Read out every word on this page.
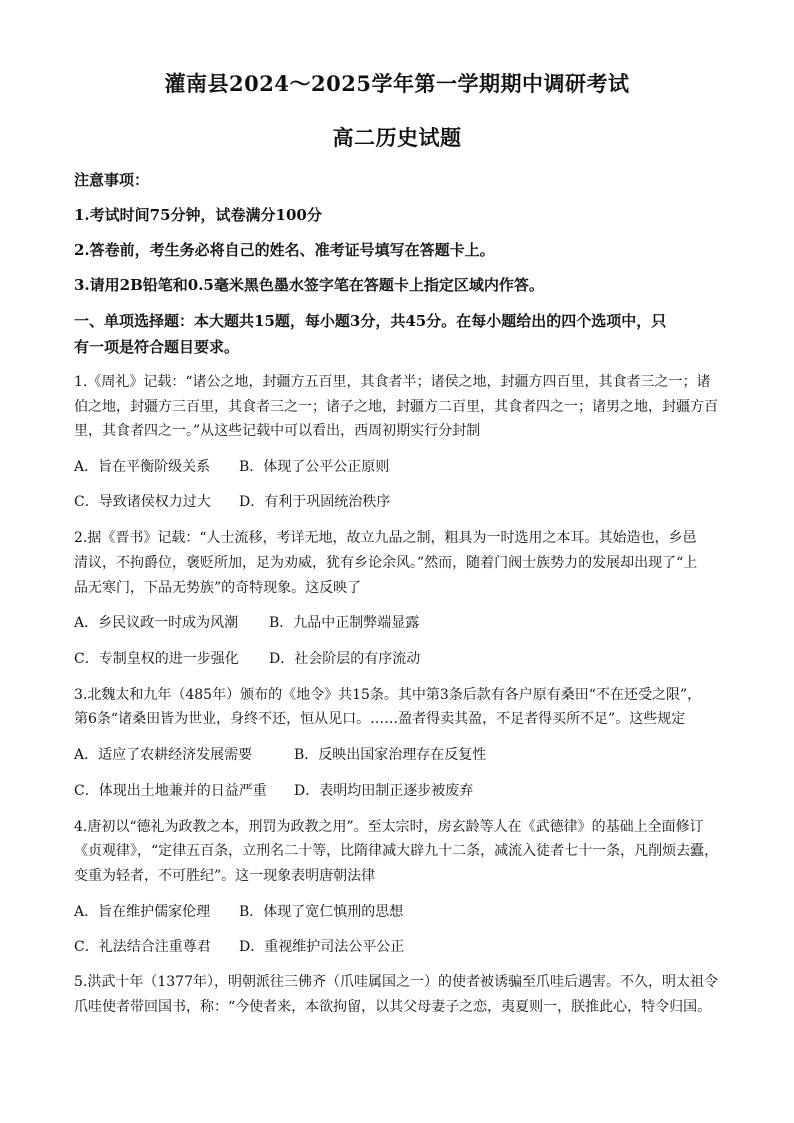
灌南县2024～2025学年第一学期期中调研考试
高二历史试题
注意事项：
1.考试时间75分钟，试卷满分100分
2.答卷前，考生务必将自己的姓名、准考证号填写在答题卡上。
3.请用2B铅笔和0.5毫米黑色墨水签字笔在答题卡上指定区域内作答。
一、单项选择题：本大题共15题，每小题3分，共45分。在每小题给出的四个选项中，只
有一项是符合题目要求。
1.《周礼》记载：“诸公之地，封疆方五百里，其食者半；诸侯之地，封疆方四百里，其食者三之一；诸
伯之地，封疆方三百里，其食者三之一；诸子之地，封疆方二百里，其食者四之一；诸男之地，封疆方百
里，其食者四之一。”从这些记载中可以看出，西周初期实行分封制
A．旨在平衡阶级关系 B．体现了公平公正原则
C．导致诸侯权力过大 D．有利于巩固统治秩序
2.据《晋书》记载：“人士流移，考详无地，故立九品之制，粗具为一时选用之本耳。其始造也，乡邑
清议，不拘爵位，褒贬所加，足为劝威，犹有乡论余风。”然而，随着门阀士族势力的发展却出现了“上
品无寒门，下品无势族”的奇特现象。这反映了
A．乡民议政一时成为风潮 B．九品中正制弊端显露
C．专制皇权的进一步强化 D．社会阶层的有序流动
3.北魏太和九年（485年）颁布的《地令》共15条。其中第3条后款有各户原有桑田“不在还受之限”，
第6条“诸桑田皆为世业，身终不还，恒从见口。……盈者得卖其盈，不足者得买所不足”。这些规定
A．适应了农耕经济发展需要	B．反映出国家治理存在反复性
C．体现出土地兼并的日益严重 D．表明均田制正逐步被废弃
4.唐初以“德礼为政教之本，刑罚为政教之用”。至太宗时，房玄龄等人在《武德律》的基础上全面修订
《贞观律》，“定律五百条，立刑名二十等，比隋律减大辟九十二条，减流入徒者七十一条，凡削烦去蠹，
变重为轻者，不可胜纪”。这一现象表明唐朝法律
A．旨在维护儒家伦理 B．体现了宽仁慎刑的思想
C．礼法结合注重尊君 D．重视维护司法公平公正
5.洪武十年（1377年），明朝派往三佛齐（爪哇属国之一）的使者被诱骗至爪哇后遇害。不久，明太祖令
爪哇使者带回国书，称：“今使者来，本欲拘留，以其父母妻子之恋，夷夏则一，朕推此心，特令归国。
